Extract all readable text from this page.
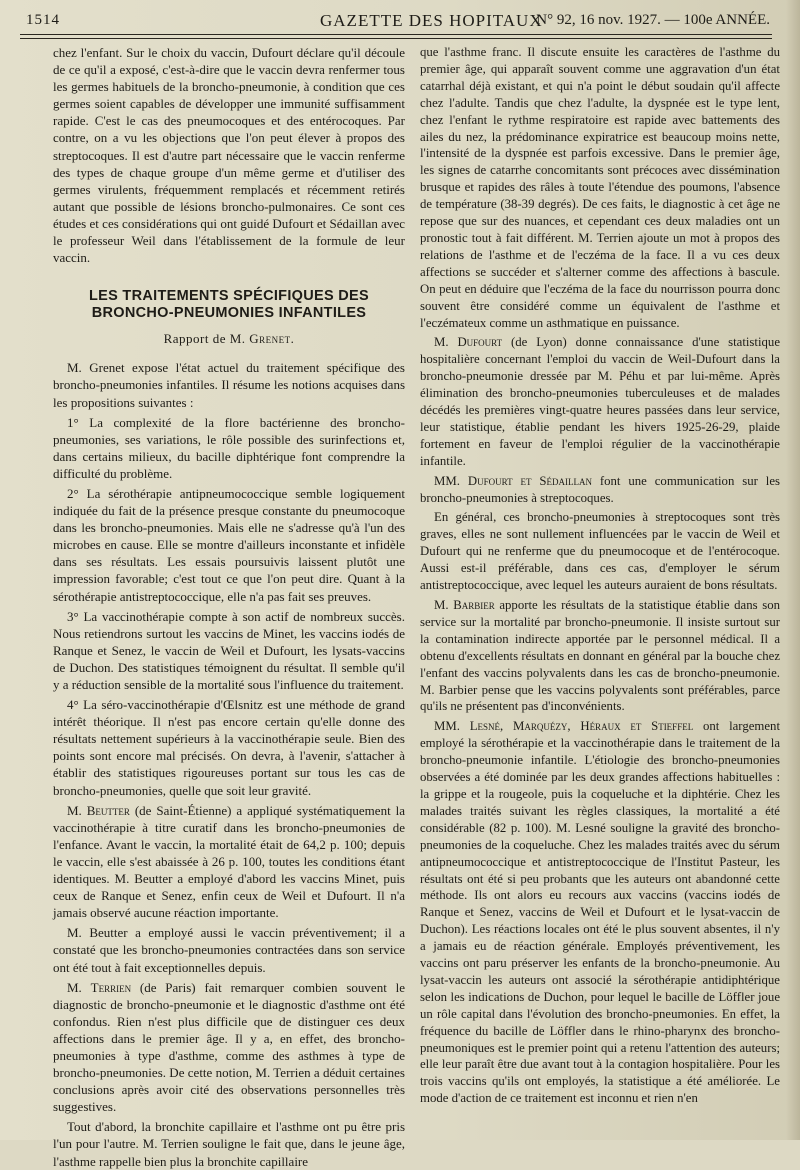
1514	GAZETTE DES HOPITAUX
N° 92, 16 nov. 1927. — 100e ANNÉE.

chez l'enfant. Sur le choix du vaccin, Dufourt déclare qu'il découle de ce qu'il a exposé, c'est-à-dire que le vaccin devra renfermer tous les germes habituels de la broncho-pneumonie, à condition que ces germes soient capables de développer une immunité suffisamment rapide. C'est le cas des pneumocoques et des entérocoques. Par contre, on a vu les objections que l'on peut élever à propos des streptocoques. Il est d'autre part nécessaire que le vaccin renferme des types de chaque groupe d'un même germe et d'utiliser des germes virulents, fréquemment remplacés et récemment retirés autant que possible de lésions broncho-pulmonaires. Ce sont ces études et ces considérations qui ont guidé Dufourt et Sédaillan avec le professeur Weil dans l'établissement de la formule de leur vaccin.

LES TRAITEMENTS SPÉCIFIQUES DES BRONCHO-PNEUMONIES INFANTILES
Rapport de M. Grenet.

M. Grenet expose l'état actuel du traitement spécifique des broncho-pneumonies infantiles. Il résume les notions acquises dans les propositions suivantes :

1° La complexité de la flore bactérienne des broncho-pneumonies, ses variations, le rôle possible des surinfections et, dans certains milieux, du bacille diphtérique font comprendre la difficulté du problème.

2° La sérothérapie antipneumococcique semble logiquement indiquée du fait de la présence presque constante du pneumocoque dans les broncho-pneumonies. Mais elle ne s'adresse qu'à l'un des microbes en cause. Elle se montre d'ailleurs inconstante et infidèle dans ses résultats. Les essais poursuivis laissent plutôt une impression favorable; c'est tout ce que l'on peut dire. Quant à la sérothérapie antistreptococcique, elle n'a pas fait ses preuves.

3° La vaccinothérapie compte à son actif de nombreux succès. Nous retiendrons surtout les vaccins de Minet, les vaccins iodés de Ranque et Senez, le vaccin de Weil et Dufourt, les lysats-vaccins de Duchon. Des statistiques témoignent du résultat. Il semble qu'il y a réduction sensible de la mortalité sous l'influence du traitement.

4° La séro-vaccinothérapie d'Œlsnitz est une méthode de grand intérêt théorique. Il n'est pas encore certain qu'elle donne des résultats nettement supérieurs à la vaccinothérapie seule. Bien des points sont encore mal précisés. On devra, à l'avenir, s'attacher à établir des statistiques rigoureuses portant sur tous les cas de broncho-pneumonies, quelle que soit leur gravité.

M. Beutter (de Saint-Étienne) a appliqué systématiquement la vaccinothérapie à titre curatif dans les broncho-pneumonies de l'enfance. Avant le vaccin, la mortalité était de 64,2 p. 100; depuis le vaccin, elle s'est abaissée à 26 p. 100, toutes les conditions étant identiques. M. Beutter a employé d'abord les vaccins Minet, puis ceux de Ranque et Senez, enfin ceux de Weil et Dufourt. Il n'a jamais observé aucune réaction importante.

M. Beutter a employé aussi le vaccin préventivement; il a constaté que les broncho-pneumonies contractées dans son service ont été tout à fait exceptionnelles depuis.

M. Terrien (de Paris) fait remarquer combien souvent le diagnostic de broncho-pneumonie et le diagnostic d'asthme ont été confondus. Rien n'est plus difficile que de distinguer ces deux affections dans le premier âge. Il y a, en effet, des broncho-pneumonies à type d'asthme, comme des asthmes à type de broncho-pneumonies. De cette notion, M. Terrien a déduit certaines conclusions après avoir cité des observations personnelles très suggestives.

Tout d'abord, la bronchite capillaire et l'asthme ont pu être pris l'un pour l'autre. M. Terrien souligne le fait que, dans le jeune âge, l'asthme rappelle bien plus la bronchite capillaire

que l'asthme franc. Il discute ensuite les caractères de l'asthme du premier âge, qui apparaît souvent comme une aggravation d'un état catarrhal déjà existant, et qui n'a point le début soudain qu'il affecte chez l'adulte. Tandis que chez l'adulte, la dyspnée est le type lent, chez l'enfant le rythme respiratoire est rapide avec battements des ailes du nez, la prédominance expiratrice est beaucoup moins nette, l'intensité de la dyspnée est parfois excessive. Dans le premier âge, les signes de catarrhe concomitants sont précoces avec dissémination brusque et rapides des râles à toute l'étendue des poumons, l'absence de température (38-39 degrés). De ces faits, le diagnostic à cet âge ne repose que sur des nuances, et cependant ces deux maladies ont un pronostic tout à fait différent. M. Terrien ajoute un mot à propos des relations de l'asthme et de l'eczéma de la face. Il a vu ces deux affections se succéder et s'alterner comme des affections à bascule. On peut en déduire que l'eczéma de la face du nourrisson pourra donc souvent être considéré comme un équivalent de l'asthme et l'eczémateux comme un asthmatique en puissance.

M. Dufourt (de Lyon) donne connaissance d'une statistique hospitalière concernant l'emploi du vaccin de Weil-Dufourt dans la broncho-pneumonie dressée par M. Péhu et par lui-même. Après élimination des broncho-pneumonies tuberculeuses et de malades décédés les premières vingt-quatre heures passées dans leur service, leur statistique, établie pendant les hivers 1925-26-29, plaide fortement en faveur de l'emploi régulier de la vaccinothérapie infantile.

MM. Dufourt et Sédaillan font une communication sur les broncho-pneumonies à streptocoques.

En général, ces broncho-pneumonies à streptocoques sont très graves, elles ne sont nullement influencées par le vaccin de Weil et Dufourt qui ne renferme que du pneumocoque et de l'entérocoque. Aussi est-il préférable, dans ces cas, d'employer le sérum antistreptococcique, avec lequel les auteurs auraient de bons résultats.

M. Barbier apporte les résultats de la statistique établie dans son service sur la mortalité par broncho-pneumonie. Il insiste surtout sur la contamination indirecte apportée par le personnel médical. Il a obtenu d'excellents résultats en donnant en général par la bouche chez l'enfant des vaccins polyvalents dans les cas de broncho-pneumonie. M. Barbier pense que les vaccins polyvalents sont préférables, parce qu'ils ne présentent pas d'inconvénients.

MM. Lesné, Marquézy, Héraux et Stieffel ont largement employé la sérothérapie et la vaccinothérapie dans le traitement de la broncho-pneumonie infantile. L'étiologie des broncho-pneumonies observées a été dominée par les deux grandes affections habituelles : la grippe et la rougeole, puis la coqueluche et la diphtérie. Chez les malades traités suivant les règles classiques, la mortalité a été considérable (82 p. 100). M. Lesné souligne la gravité des broncho-pneumonies de la coqueluche. Chez les malades traités avec du sérum antipneumococcique et antistreptococcique de l'Institut Pasteur, les résultats ont été si peu probants que les auteurs ont abandonné cette méthode. Ils ont alors eu recours aux vaccins (vaccins iodés de Ranque et Senez, vaccins de Weil et Dufourt et le lysat-vaccin de Duchon). Les réactions locales ont été le plus souvent absentes, il n'y a jamais eu de réaction générale. Employés préventivement, les vaccins ont paru préserver les enfants de la broncho-pneumonie. Au lysat-vaccin les auteurs ont associé la sérothérapie antidiphtérique selon les indications de Duchon, pour lequel le bacille de Löffler joue un rôle capital dans l'évolution des broncho-pneumonies. En effet, la fréquence du bacille de Löffler dans le rhino-pharynx des broncho-pneumoniques est le premier point qui a retenu l'attention des auteurs; elle leur paraît être due avant tout à la contagion hospitalière. Pour les trois vaccins qu'ils ont employés, la statistique a été améliorée. Le mode d'action de ce traitement est inconnu et rien n'en
